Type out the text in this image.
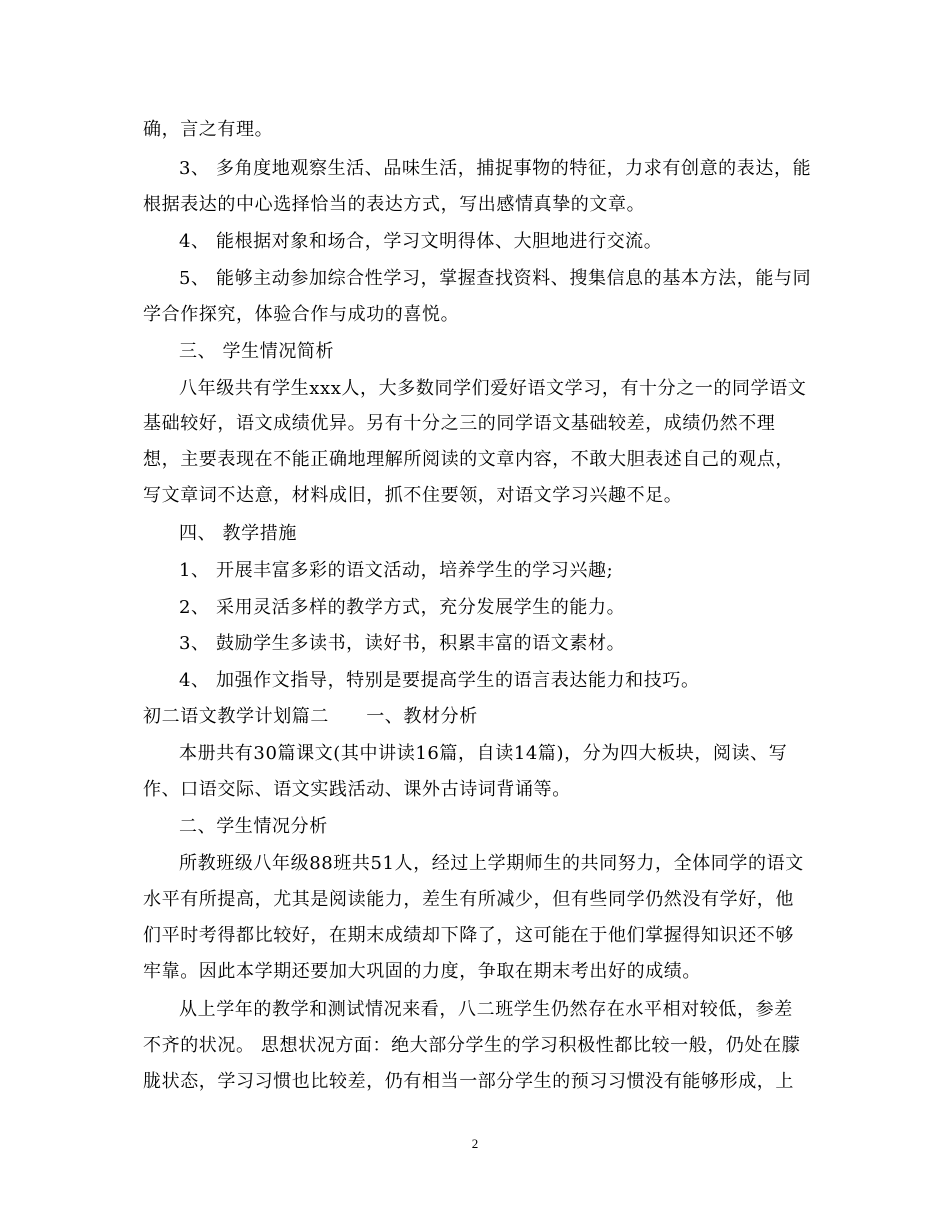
确，言之有理。
3、 多角度地观察生活、品味生活，捕捉事物的特征，力求有创意的表达，能
根据表达的中心选择恰当的表达方式，写出感情真挚的文章。
4、 能根据对象和场合，学习文明得体、大胆地进行交流。
5、 能够主动参加综合性学习，掌握查找资料、搜集信息的基本方法，能与同
学合作探究，体验合作与成功的喜悦。
三、 学生情况简析
八年级共有学生xxx人，大多数同学们爱好语文学习，有十分之一的同学语文
基础较好，语文成绩优异。另有十分之三的同学语文基础较差，成绩仍然不理
想，主要表现在不能正确地理解所阅读的文章内容，不敢大胆表述自己的观点，
写文章词不达意，材料成旧，抓不住要领，对语文学习兴趣不足。
四、 教学措施
1、 开展丰富多彩的语文活动，培养学生的学习兴趣;
2、 采用灵活多样的教学方式，充分发展学生的能力。
3、 鼓励学生多读书，读好书，积累丰富的语文素材。
4、 加强作文指导，特别是要提高学生的语言表达能力和技巧。
初二语文教学计划篇二　　一、教材分析
本册共有30篇课文(其中讲读16篇，自读14篇)，分为四大板块，阅读、写
作、口语交际、语文实践活动、课外古诗词背诵等。
二、学生情况分析
所教班级八年级88班共51人，经过上学期师生的共同努力，全体同学的语文
水平有所提高，尤其是阅读能力，差生有所减少，但有些同学仍然没有学好，他
们平时考得都比较好，在期末成绩却下降了，这可能在于他们掌握得知识还不够
牢靠。因此本学期还要加大巩固的力度，争取在期末考出好的成绩。
从上学年的教学和测试情况来看，八二班学生仍然存在水平相对较低，参差
不齐的状况。 思想状况方面：绝大部分学生的学习积极性都比较一般，仍处在朦
胧状态，学习习惯也比较差，仍有相当一部分学生的预习习惯没有能够形成，上
2
